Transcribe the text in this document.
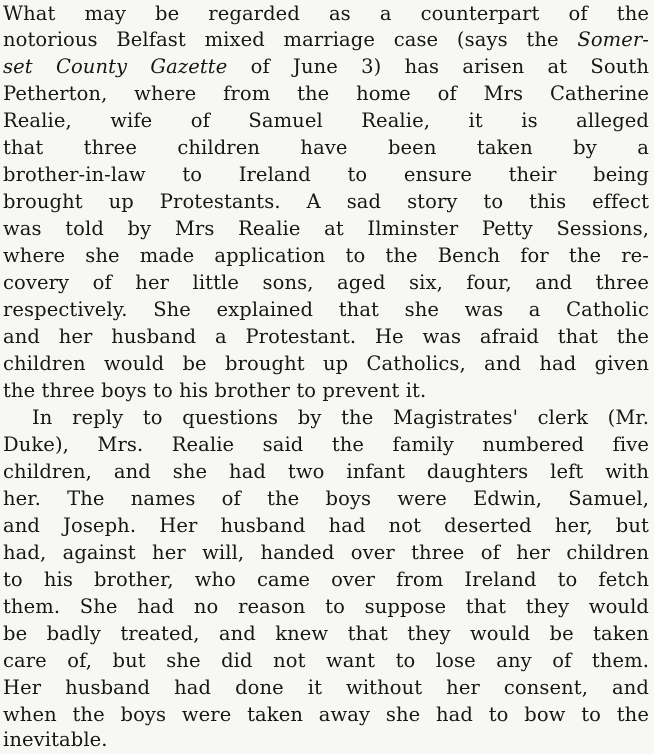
What may be regarded as a counterpart of the
notorious Belfast mixed marriage case (says the Somer-
set County Gazette of June 3) has arisen at South
Petherton, where from the home of Mrs Catherine
Realie, wife of Samuel Realie, it is alleged
that three children have been taken by a
brother-in-law to Ireland to ensure their being
brought up Protestants. A sad story to this effect
was told by Mrs Realie at Ilminster Petty Sessions,
where she made application to the Bench for the re-
covery of her little sons, aged six, four, and three
respectively. She explained that she was a Catholic
and her husband a Protestant. He was afraid that the
children would be brought up Catholics, and had given
the three boys to his brother to prevent it.
In reply to questions by the Magistrates' clerk (Mr.
Duke), Mrs. Realie said the family numbered five
children, and she had two infant daughters left with
her. The names of the boys were Edwin, Samuel,
and Joseph. Her husband had not deserted her, but
had, against her will, handed over three of her children
to his brother, who came over from Ireland to fetch
them. She had no reason to suppose that they would
be badly treated, and knew that they would be taken
care of, but she did not want to lose any of them.
Her husband had done it without her consent, and
when the boys were taken away she had to bow to the
inevitable.
